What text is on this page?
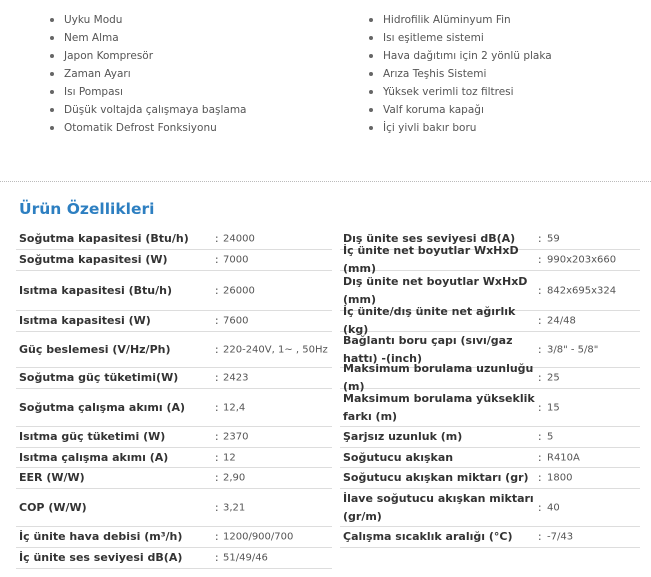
Uyku Modu
Nem Alma
Japon Kompresör
Zaman Ayarı
Isı Pompası
Düşük voltajda çalışmaya başlama
Otomatik Defrost Fonksiyonu
Hidrofilik Alüminyum Fin
Isı eşitleme sistemi
Hava dağıtımı için 2 yönlü plaka
Arıza Teşhis Sistemi
Yüksek verimli toz filtresi
Valf koruma kapağı
İçi yivli bakır boru
Ürün Özellikleri
Soğutma kapasitesi (Btu/h)	: 24000
Soğutma kapasitesi (W)	: 7000
Isıtma kapasitesi (Btu/h)	: 26000
Isıtma kapasitesi (W)	: 7600
Güç beslemesi (V/Hz/Ph)	: 220-240V, 1~ , 50Hz
Soğutma güç tüketimi(W)	: 2423
Soğutma çalışma akımı (A)	: 12,4
Isıtma güç tüketimi (W)	: 2370
Isıtma çalışma akımı (A)	: 12
EER (W/W)	: 2,90
COP (W/W)	: 3,21
İç ünite hava debisi (m³/h)	: 1200/900/700
İç ünite ses seviyesi dB(A)	: 51/49/46
Dış ünite ses seviyesi dB(A)	: 59
İç ünite net boyutlar WxHxD (mm)
: 990x203x660
Dış ünite net boyutlar WxHxD (mm)
: 842x695x324
İç ünite/dış ünite net ağırlık (kg)
: 24/48
Bağlantı boru çapı (sıvı/gaz hattı) -(inch)
: 3/8" - 5/8"
Maksimum borulama uzunluğu (m)
: 25
Maksimum borulama yükseklik farkı (m)
: 15
Şarjsız uzunluk (m)	: 5
Soğutucu akışkan	: R410A
Soğutucu akışkan miktarı (gr) : 1800
İlave soğutucu akışkan miktarı (gr/m)
: 40
Çalışma sıcaklık aralığı (°C)	: -7/43
